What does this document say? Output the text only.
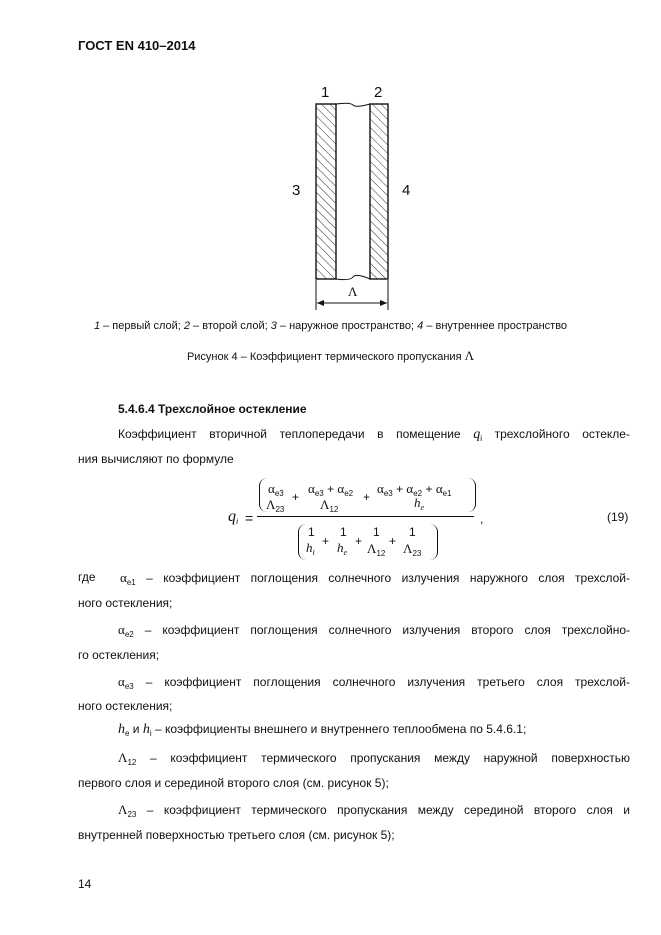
ГОСТ EN 410–2014
1	2
3	4
Λ
1 – первый слой; 2 – второй слой; 3 – наружное пространство; 4 – внутреннее пространство
Рисунок 4 – Коэффициент термического пропускания Λ
5.4.6.4 Трехслойное остекление
Коэффициент вторичной теплопередачи в помещение $q_i$ трехслойного остекле-
ния вычисляют по формуле
$q_i$ =
$\alpha_{e3}$
$\Lambda_{23}$
+
$\alpha_{e3} + \alpha_{e2}$
$\Lambda_{12}$
+
$\alpha_{e3} + \alpha_{e2} + \alpha_{e1}$
$h_e$
,
1
$h_i$
+
1
$h_e$
+
1
$\Lambda_{12}$
+
1
$\Lambda_{23}$
(19)
где $\alpha_{e1}$ – коэффициент поглощения солнечного излучения наружного слоя трехслой-
ного остекления;
$\alpha_{e2}$ – коэффициент поглощения солнечного излучения второго слоя трехслойно-
го остекления;
$\alpha_{e3}$ – коэффициент поглощения солнечного излучения третьего слоя трехслой-
ного остекления;
$h_e$ и $h_i$ – коэффициенты внешнего и внутреннего теплообмена по 5.4.6.1;
$\Lambda_{12}$ – коэффициент термического пропускания между наружной поверхностью
первого слоя и серединой второго слоя (см. рисунок 5);
$\Lambda_{23}$ – коэффициент термического пропускания между серединой второго слоя и
внутренней поверхностью третьего слоя (см. рисунок 5);
14
